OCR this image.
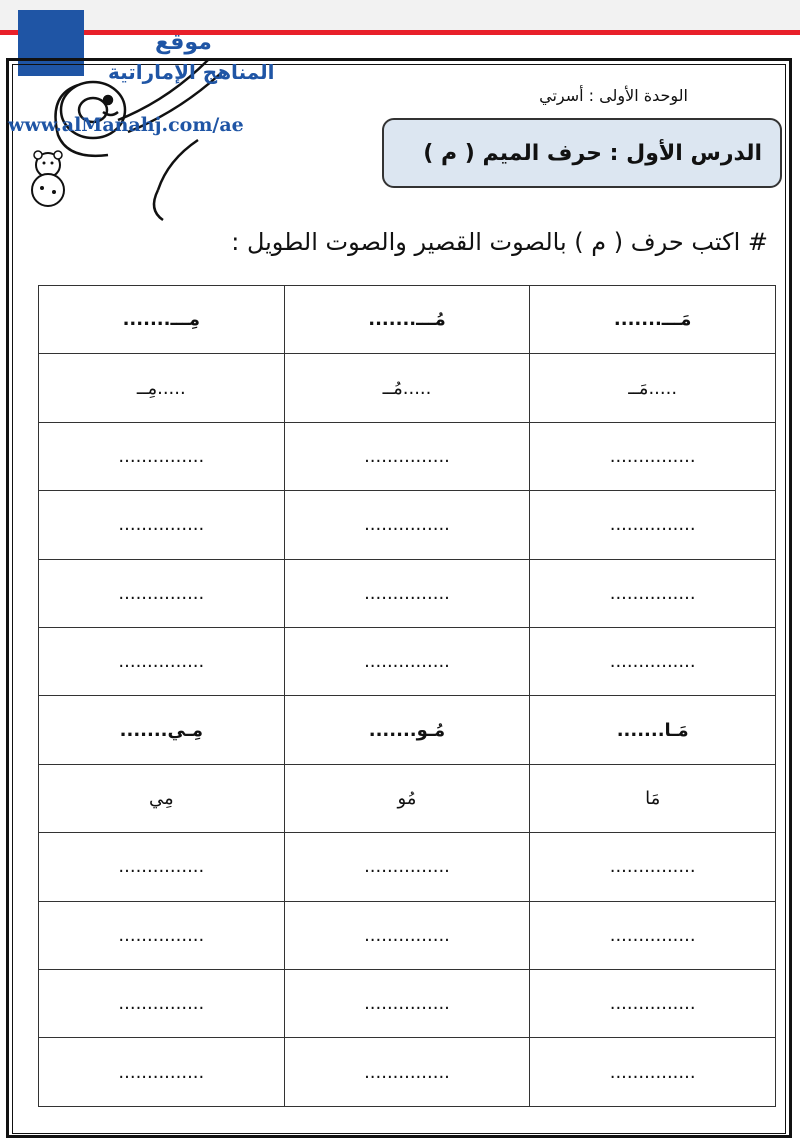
موقع
المناهج الإماراتية
www.alManahj.com/ae
الوحدة الأولى : أسرتي
الدرس الأول : حرف الميم ( م )
# اكتب حرف ( م ) بالصوت القصير والصوت الطويل :
مِـــ.......	مُـــ.......	مَـــ.......
.....مِــ	.....مُــ	.....مَــ
...............	...............	...............
...............	...............	...............
...............	...............	...............
...............	...............	...............
مِـي.......	مُـو.......	مَـا.......
مِي	مُو	مَا
...............	...............	...............
...............	...............	...............
...............	...............	...............
...............	...............	...............
